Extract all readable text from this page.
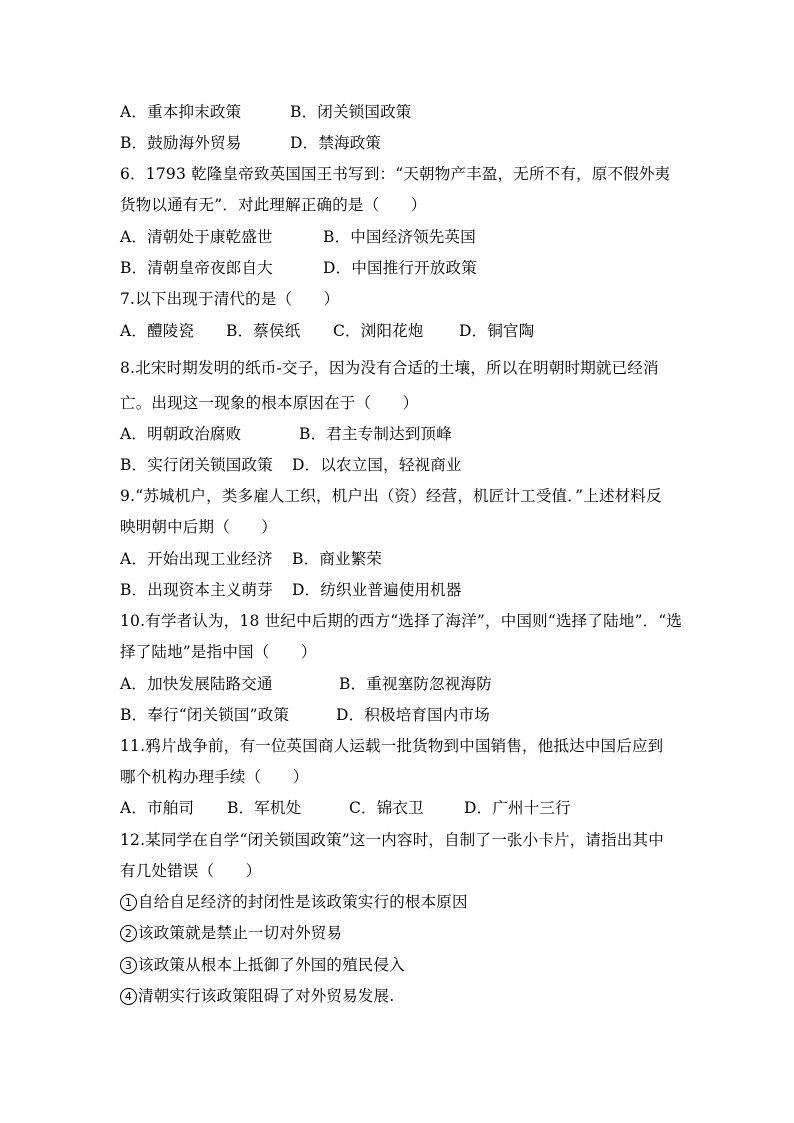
A．重本抑末政策	B．闭关锁国政策
B．鼓励海外贸易	D．禁海政策
6．1793 乾隆皇帝致英国国王书写到：“天朝物产丰盈，无所不有，原不假外夷
货物以通有无”．对此理解正确的是（　　）
A．清朝处于康乾盛世	B．中国经济领先英国
B．清朝皇帝夜郎自大	D．中国推行开放政策
7.以下出现于清代的是（　　）
A．醴陵瓷 B．蔡侯纸 C．浏阳花炮 D．铜官陶
8.北宋时期发明的纸币-交子，因为没有合适的土壤，所以在明朝时期就已经消
亡。出现这一现象的根本原因在于（　　）
A．明朝政治腐败	B．君主专制达到顶峰
B．实行闭关锁国政策 D．以农立国，轻视商业
9.“苏城机户，类多雇人工织，机户出（资）经营，机匠计工受值．”上述材料反
映明朝中后期（　　）
A．开始出现工业经济 B．商业繁荣
B．出现资本主义萌芽 D．纺织业普遍使用机器
10.有学者认为，18 世纪中后期的西方“选择了海洋”，中国则“选择了陆地”．“选
择了陆地”是指中国（　　）
A．加快发展陆路交通	B．重视塞防忽视海防
B．奉行“闭关锁国”政策	D．积极培育国内市场
11.鸦片战争前，有一位英国商人运载一批货物到中国销售，他抵达中国后应到
哪个机构办理手续（　　）
A．市舶司 B．军机处	C．锦衣卫	D．广州十三行
12.某同学在自学“闭关锁国政策”这一内容时，自制了一张小卡片，请指出其中
有几处错误（　　）
1 自给自足经济的封闭性是该政策实行的根本原因
2 该政策就是禁止一切对外贸易
3 该政策从根本上抵御了外国的殖民侵入
4 清朝实行该政策阻碍了对外贸易发展.
